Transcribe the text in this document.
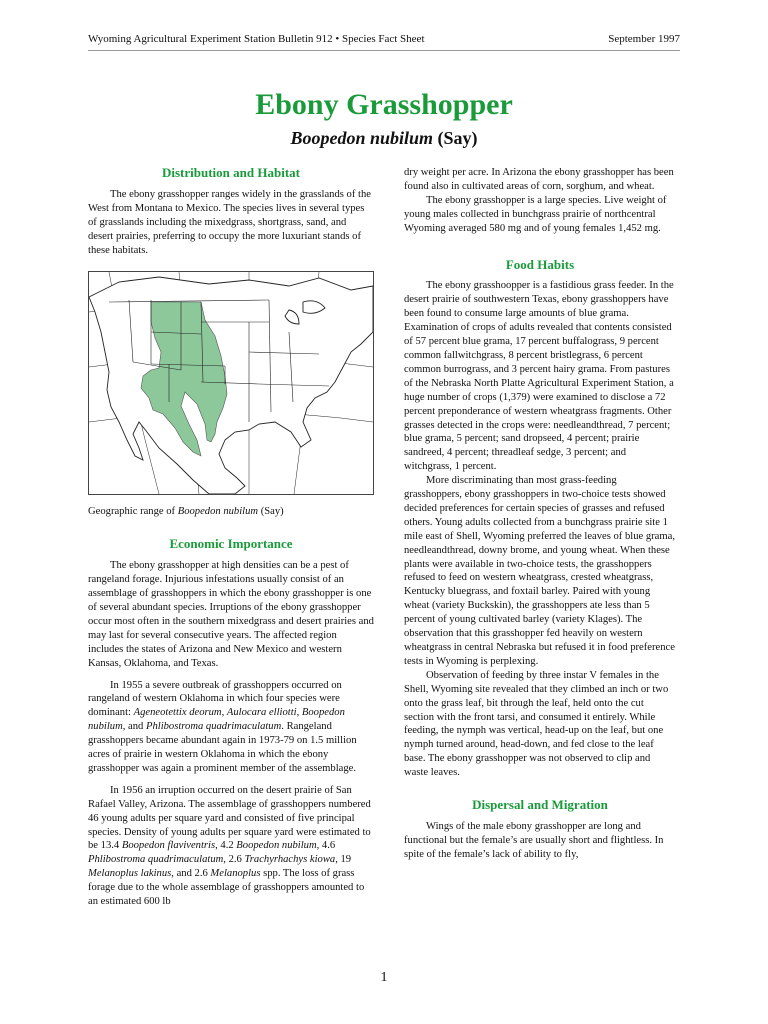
Wyoming Agricultural Experiment Station Bulletin 912 • Species Fact Sheet	September 1997
Ebony Grasshopper
Boopedon nubilum (Say)
Distribution and Habitat

The ebony grasshopper ranges widely in the grasslands of the West from Montana to Mexico. The species lives in several types of grasslands including the mixedgrass, shortgrass, sand, and desert prairies, preferring to occupy the more luxuriant stands of these habitats.

Geographic range of Boopedon nubilum (Say)
Economic Importance

The ebony grasshopper at high densities can be a pest of rangeland forage. Injurious infestations usually consist of an assemblage of grasshoppers in which the ebony grasshopper is one of several abundant species. Irruptions of the ebony grasshopper occur most often in the southern mixedgrass and desert prairies and may last for several consecutive years. The affected region includes the states of Arizona and New Mexico and western Kansas, Oklahoma, and Texas.

In 1955 a severe outbreak of grasshoppers occurred on rangeland of western Oklahoma in which four species were dominant: Ageneotettix deorum, Aulocara elliotti, Boopedon nubilum, and Phlibostroma quadrimaculatum. Rangeland grasshoppers became abundant again in 1973-79 on 1.5 million acres of prairie in western Oklahoma in which the ebony grasshopper was again a prominent member of the assemblage.

In 1956 an irruption occurred on the desert prairie of San Rafael Valley, Arizona. The assemblage of grasshoppers numbered 46 young adults per square yard and consisted of five principal species. Density of young adults per square yard were estimated to be 13.4 Boopedon flaviventris, 4.2 Boopedon nubilum, 4.6 Phlibostroma quadrimaculatum, 2.6 Trachyrhachys kiowa, 19 Melanoplus lakinus, and 2.6 Melanoplus spp. The loss of grass forage due to the whole assemblage of grasshoppers amounted to an estimated 600 lb

dry weight per acre. In Arizona the ebony grasshopper has been found also in cultivated areas of corn, sorghum, and wheat.

The ebony grasshopper is a large species. Live weight of young males collected in bunchgrass prairie of northcentral Wyoming averaged 580 mg and of young females 1,452 mg.

Food Habits

The ebony grasshoopper is a fastidious grass feeder. In the desert prairie of southwestern Texas, ebony grasshoppers have been found to consume large amounts of blue grama. Examination of crops of adults revealed that contents consisted of 57 percent blue grama, 17 percent buffalograss, 9 percent common fallwitchgrass, 8 percent bristlegrass, 6 percent common burrograss, and 3 percent hairy grama. From pastures of the Nebraska North Platte Agricultural Experiment Station, a huge number of crops (1,379) were examined to disclose a 72 percent preponderance of western wheatgrass fragments. Other grasses detected in the crops were: needleandthread, 7 percent; blue grama, 5 percent; sand dropseed, 4 percent; prairie sandreed, 4 percent; threadleaf sedge, 3 percent; and witchgrass, 1 percent.

More discriminating than most grass-feeding grasshoppers, ebony grasshoppers in two-choice tests showed decided preferences for certain species of grasses and refused others. Young adults collected from a bunchgrass prairie site 1 mile east of Shell, Wyoming preferred the leaves of blue grama, needleandthread, downy brome, and young wheat. When these plants were available in two-choice tests, the grasshoppers refused to feed on western wheatgrass, crested wheatgrass, Kentucky bluegrass, and foxtail barley. Paired with young wheat (variety Buckskin), the grasshoppers ate less than 5 percent of young cultivated barley (variety Klages). The observation that this grasshopper fed heavily on western wheatgrass in central Nebraska but refused it in food preference tests in Wyoming is perplexing.

Observation of feeding by three instar V females in the Shell, Wyoming site revealed that they climbed an inch or two onto the grass leaf, bit through the leaf, held onto the cut section with the front tarsi, and consumed it entirely. While feeding, the nymph was vertical, head-up on the leaf, but one nymph turned around, head-down, and fed close to the leaf base. The ebony grasshopper was not observed to clip and waste leaves.

Dispersal and Migration

Wings of the male ebony grasshopper are long and functional but the female’s are usually short and flightless. In spite of the female’s lack of ability to fly,

1
